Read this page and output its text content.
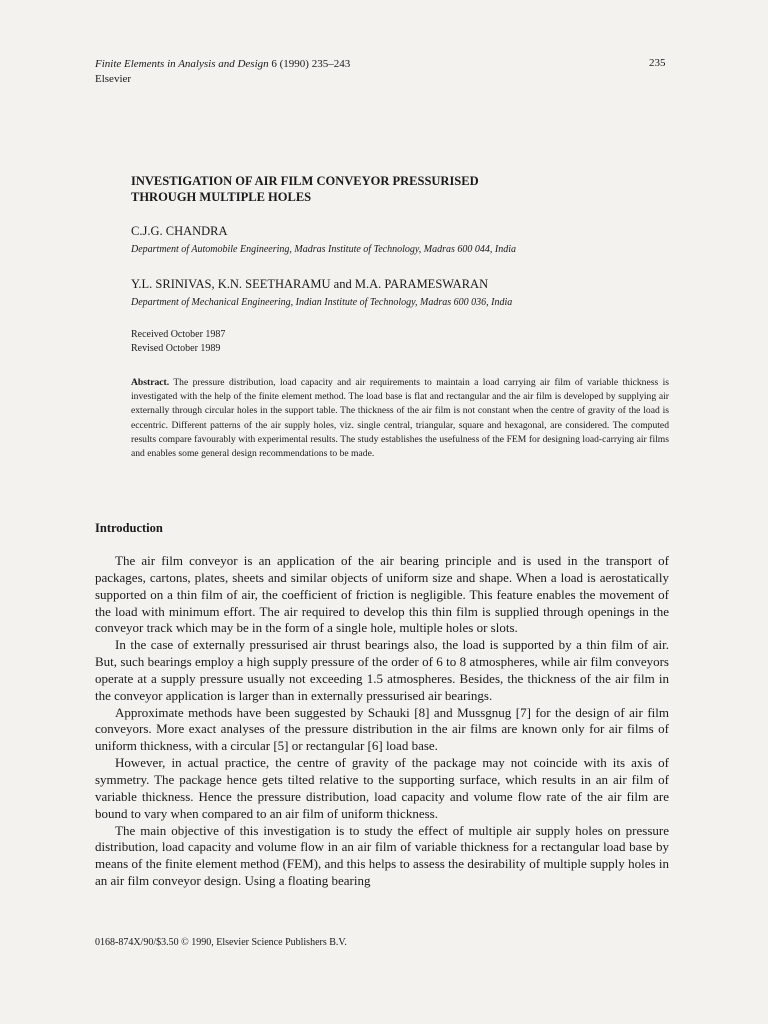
Finite Elements in Analysis and Design 6 (1990) 235–243
Elsevier
235
INVESTIGATION OF AIR FILM CONVEYOR PRESSURISED
THROUGH MULTIPLE HOLES
C.J.G. CHANDRA
Department of Automobile Engineering, Madras Institute of Technology, Madras 600 044, India
Y.L. SRINIVAS, K.N. SEETHARAMU and M.A. PARAMESWARAN
Department of Mechanical Engineering, Indian Institute of Technology, Madras 600 036, India
Received October 1987
Revised October 1989
Abstract. The pressure distribution, load capacity and air requirements to maintain a load carrying air film of variable thickness is investigated with the help of the finite element method. The load base is flat and rectangular and the air film is developed by supplying air externally through circular holes in the support table. The thickness of the air film is not constant when the centre of gravity of the load is eccentric. Different patterns of the air supply holes, viz. single central, triangular, square and hexagonal, are considered. The computed results compare favourably with experimental results. The study establishes the usefulness of the FEM for designing load-carrying air films and enables some general design recommendations to be made.
Introduction

The air film conveyor is an application of the air bearing principle and is used in the transport of packages, cartons, plates, sheets and similar objects of uniform size and shape. When a load is aerostatically supported on a thin film of air, the coefficient of friction is negligible. This feature enables the movement of the load with minimum effort. The air required to develop this thin film is supplied through openings in the conveyor track which may be in the form of a single hole, multiple holes or slots.

In the case of externally pressurised air thrust bearings also, the load is supported by a thin film of air. But, such bearings employ a high supply pressure of the order of 6 to 8 atmospheres, while air film conveyors operate at a supply pressure usually not exceeding 1.5 atmospheres. Besides, the thickness of the air film in the conveyor application is larger than in externally pressurised air bearings.

Approximate methods have been suggested by Schauki [8] and Mussgnug [7] for the design of air film conveyors. More exact analyses of the pressure distribution in the air films are known only for air films of uniform thickness, with a circular [5] or rectangular [6] load base.

However, in actual practice, the centre of gravity of the package may not coincide with its axis of symmetry. The package hence gets tilted relative to the supporting surface, which results in an air film of variable thickness. Hence the pressure distribution, load capacity and volume flow rate of the air film are bound to vary when compared to an air film of uniform thickness.

The main objective of this investigation is to study the effect of multiple air supply holes on pressure distribution, load capacity and volume flow in an air film of variable thickness for a rectangular load base by means of the finite element method (FEM), and this helps to assess the desirability of multiple supply holes in an air film conveyor design. Using a floating bearing

0168-874X/90/$3.50 © 1990, Elsevier Science Publishers B.V.
